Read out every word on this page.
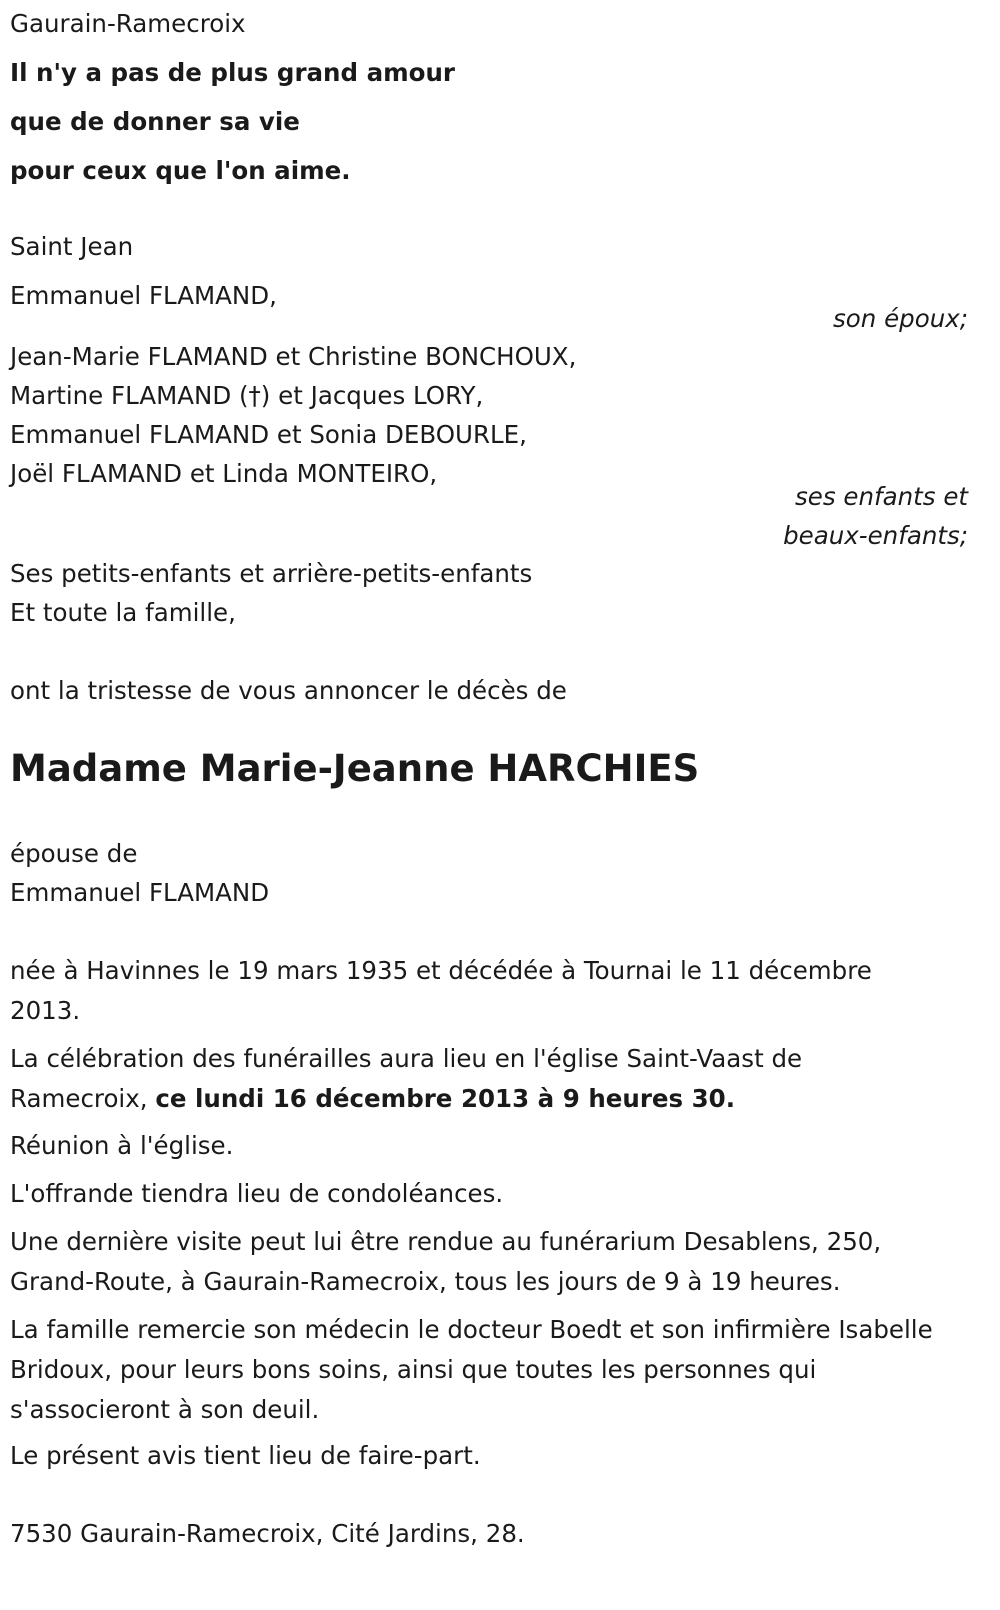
Gaurain-Ramecroix
Il n'y a pas de plus grand amour
que de donner sa vie
pour ceux que l'on aime.
Saint Jean
Emmanuel FLAMAND,
son époux;
Jean-Marie FLAMAND et Christine BONCHOUX,
Martine FLAMAND (†) et Jacques LORY,
Emmanuel FLAMAND et Sonia DEBOURLE,
Joël FLAMAND et Linda MONTEIRO,
ses enfants et
beaux-enfants;
Ses petits-enfants et arrière-petits-enfants
Et toute la famille,
ont la tristesse de vous annoncer le décès de
Madame Marie-Jeanne HARCHIES
épouse de
Emmanuel FLAMAND
née à Havinnes le 19 mars 1935 et décédée à Tournai le 11 décembre 2013.
La célébration des funérailles aura lieu en l'église Saint-Vaast de Ramecroix, ce lundi 16 décembre 2013 à 9 heures 30.
Réunion à l'église.
L'offrande tiendra lieu de condoléances.
Une dernière visite peut lui être rendue au funérarium Desablens, 250, Grand-Route, à Gaurain-Ramecroix, tous les jours de 9 à 19 heures.
La famille remercie son médecin le docteur Boedt et son infirmière Isabelle Bridoux, pour leurs bons soins, ainsi que toutes les personnes qui s'associeront à son deuil.
Le présent avis tient lieu de faire-part.
7530 Gaurain-Ramecroix, Cité Jardins, 28.
